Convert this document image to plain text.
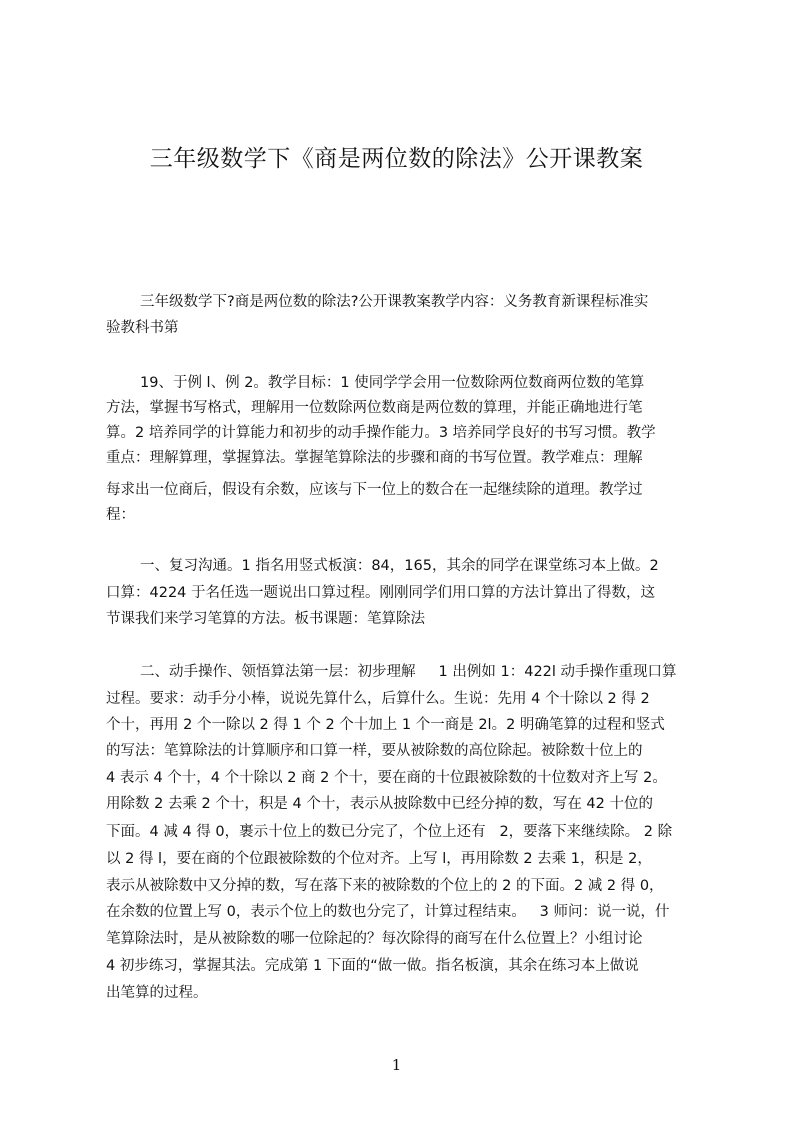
三年级数学下《商是两位数的除法》公开课教案
三年级数学下?商是两位数的除法?公开课教案教学内容：义务教育新课程标准实
验教科书第
19、于例 l、例 2。教学目标：1 使同学学会用一位数除两位数商两位数的笔算
方法，掌握书写格式，理解用一位数除两位数商是两位数的算理，并能正确地进行笔
算。2 培养同学的计算能力和初步的动手操作能力。3 培养同学良好的书写习惯。教学
重点：理解算理，掌握算法。掌握笔算除法的步骤和商的书写位置。教学难点：理解
每求出一位商后，假设有余数，应该与下一位上的数合在一起继续除的道理。教学过
程：
一、复习沟通。1 指名用竖式板演：84，165，其余的同学在课堂练习本上做。2
口算：4224 于名任选一题说出口算过程。刚刚同学们用口算的方法计算出了得数，这
节课我们来学习笔算的方法。板书课题：笔算除法
二、动手操作、领悟算法第一层：初步理解     1 出例如 1：422l 动手操作重现口算
过程。要求：动手分小棒，说说先算什么，后算什么。生说：先用 4 个十除以 2 得 2
个十，再用 2 个一除以 2 得 1 个 2 个十加上 1 个一商是 2l。2 明确笔算的过程和竖式
的写法：笔算除法的计算顺序和口算一样，要从被除数的高位除起。被除数十位上的
4 表示 4 个十，4 个十除以 2 商 2 个十，要在商的十位跟被除数的十位数对齐上写 2。
用除数 2 去乘 2 个十，积是 4 个十，表示从披除数中已经分掉的数，写在 42 十位的
下面。4 减 4 得 0，裹示十位上的数已分完了，个位上还有   2，要落下来继续除。 2 除
以 2 得 l，要在商的个位跟被除数的个位对齐。上写 l，再用除数 2 去乘 1，积是 2，
表示从被除数中又分掉的数，写在落下来的被除数的个位上的 2 的下面。2 减 2 得 0，
在余数的位置上写 0，表示个位上的数也分完了，计算过程结束。   3 师问：说一说，什
笔算除法时，是从被除数的哪一位除起的？每次除得的商写在什么位置上？小组讨论
4 初步练习，掌握其法。完成第 1 下面的“做一做。指名板演，其余在练习本上做说
出笔算的过程。
1
